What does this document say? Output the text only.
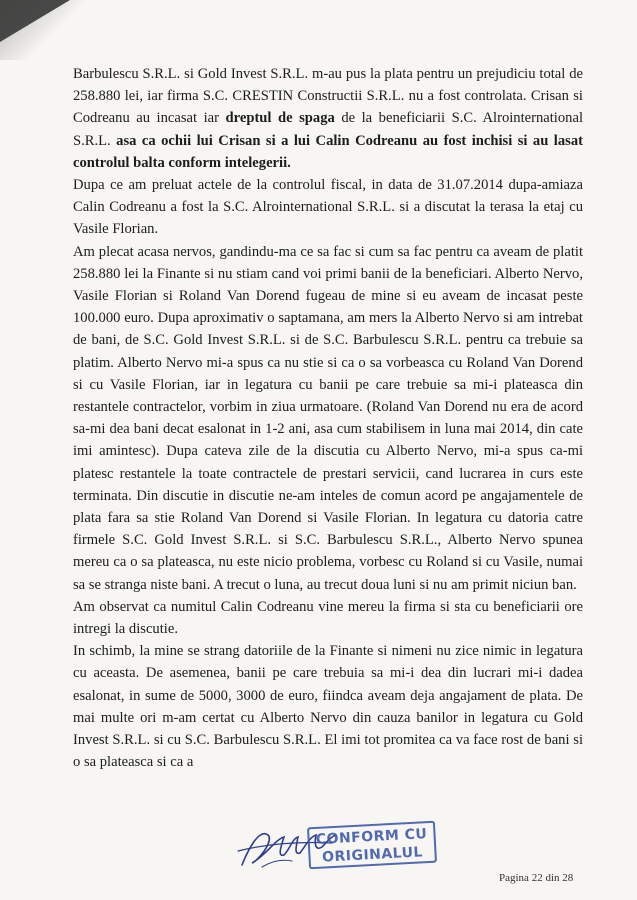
Barbulescu S.R.L. si Gold Invest S.R.L. m-au pus la plata pentru un prejudiciu total de 258.880 lei, iar firma S.C. CRESTIN Constructii S.R.L. nu a fost controlata. Crisan si Codreanu au incasat iar dreptul de spaga de la beneficiarii S.C. Alrointernational S.R.L. asa ca ochii lui Crisan si a lui Calin Codreanu au fost inchisi si au lasat controlul balta conform intelegerii.

Dupa ce am preluat actele de la controlul fiscal, in data de 31.07.2014 dupa-amiaza Calin Codreanu a fost la S.C. Alrointernational S.R.L. si a discutat la terasa la etaj cu Vasile Florian.

Am plecat acasa nervos, gandindu-ma ce sa fac si cum sa fac pentru ca aveam de platit 258.880 lei la Finante si nu stiam cand voi primi banii de la beneficiari. Alberto Nervo, Vasile Florian si Roland Van Dorend fugeau de mine si eu aveam de incasat peste 100.000 euro. Dupa aproximativ o saptamana, am mers la Alberto Nervo si am intrebat de bani, de S.C. Gold Invest S.R.L. si de S.C. Barbulescu S.R.L. pentru ca trebuie sa platim. Alberto Nervo mi-a spus ca nu stie si ca o sa vorbeasca cu Roland Van Dorend si cu Vasile Florian, iar in legatura cu banii pe care trebuie sa mi-i plateasca din restantele contractelor, vorbim in ziua urmatoare. (Roland Van Dorend nu era de acord sa-mi dea bani decat esalonat in 1-2 ani, asa cum stabilisem in luna mai 2014, din cate imi amintesc). Dupa cateva zile de la discutia cu Alberto Nervo, mi-a spus ca-mi platesc restantele la toate contractele de prestari servicii, cand lucrarea in curs este terminata. Din discutie in discutie ne-am inteles de comun acord pe angajamentele de plata fara sa stie Roland Van Dorend si Vasile Florian. In legatura cu datoria catre firmele S.C. Gold Invest S.R.L. si S.C. Barbulescu S.R.L., Alberto Nervo spunea mereu ca o sa plateasca, nu este nicio problema, vorbesc cu Roland si cu Vasile, numai sa se stranga niste bani. A trecut o luna, au trecut doua luni si nu am primit niciun ban.

Am observat ca numitul Calin Codreanu vine mereu la firma si sta cu beneficiarii ore intregi la discutie.

In schimb, la mine se strang datoriile de la Finante si nimeni nu zice nimic in legatura cu aceasta. De asemenea, banii pe care trebuia sa mi-i dea din lucrari mi-i dadea esalonat, in sume de 5000, 3000 de euro, fiindca aveam deja angajament de plata. De mai multe ori m-am certat cu Alberto Nervo din cauza banilor in legatura cu Gold Invest S.R.L. si cu S.C. Barbulescu S.R.L. El imi tot promitea ca va face rost de bani si o sa plateasca si ca a

CONFORM CU
ORIGINALUL
Pagina 22 din 28
